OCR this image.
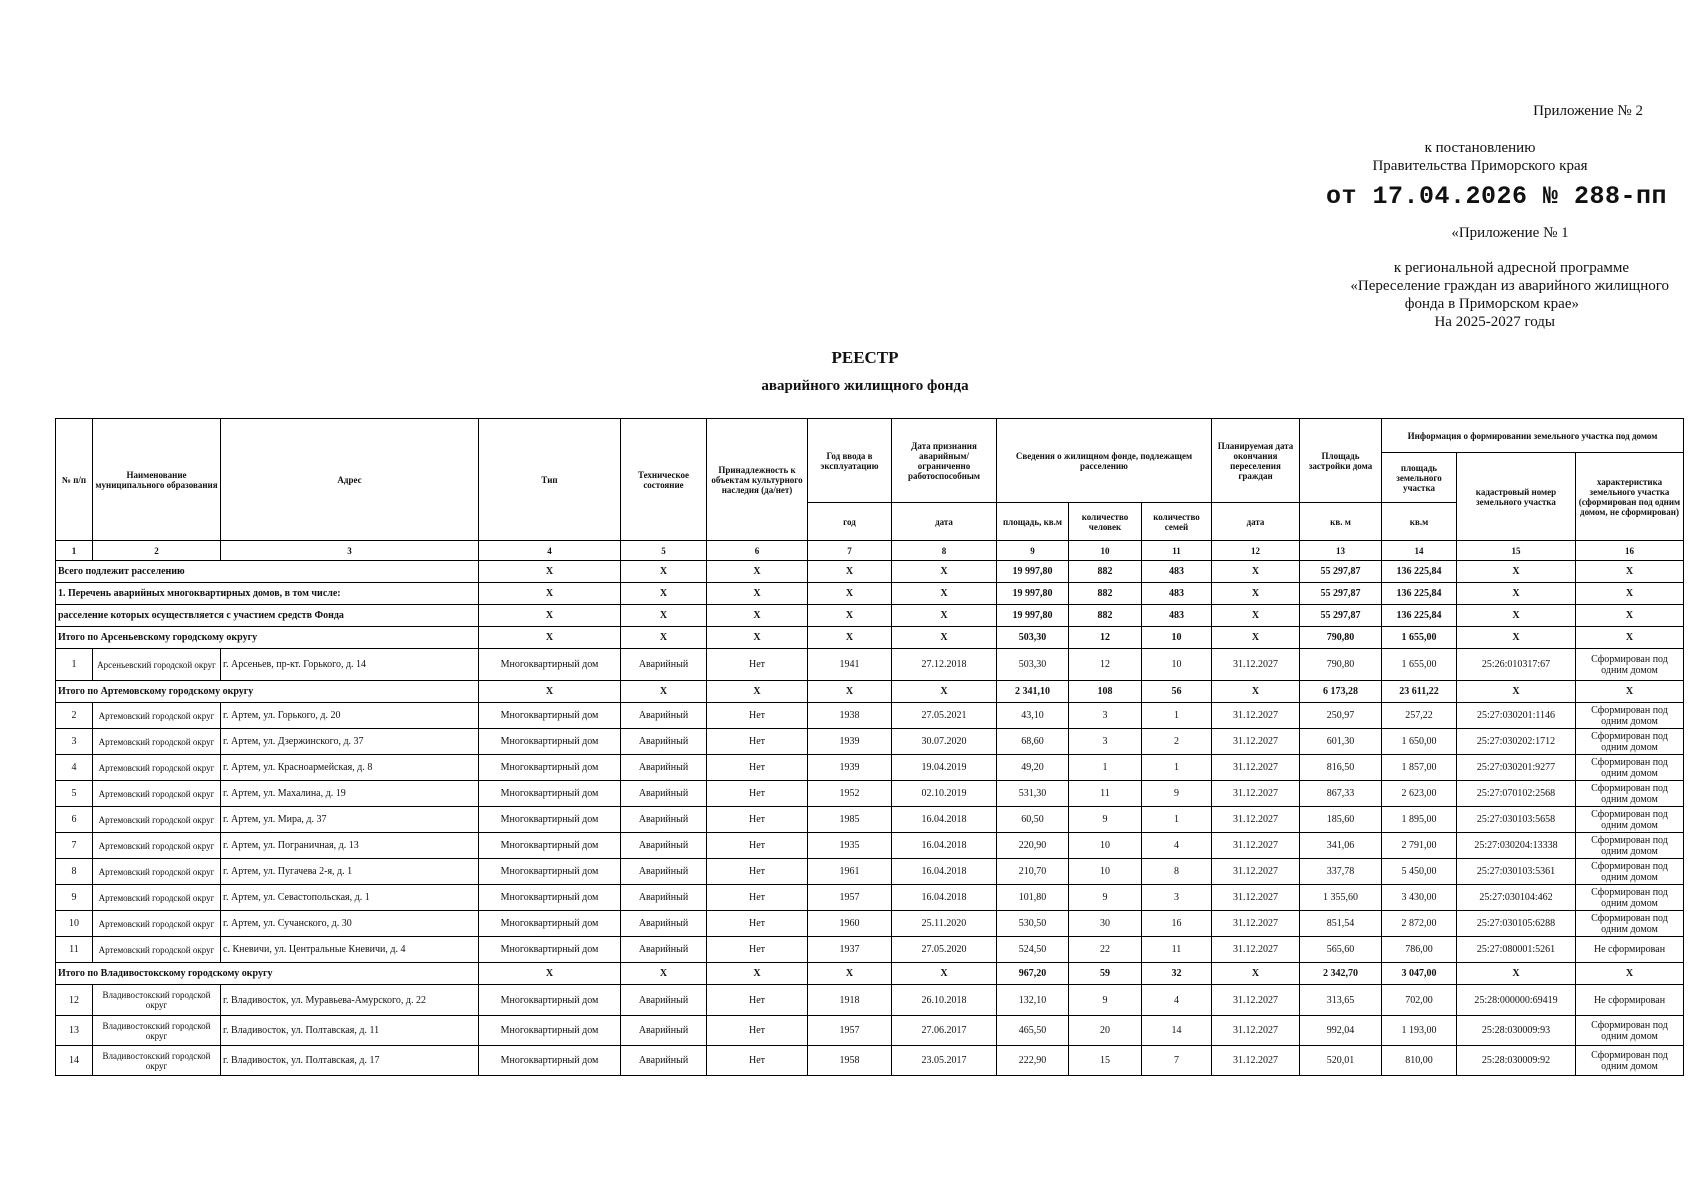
Приложение № 2
к постановлению
Правительства Приморского края
от 17.04.2026 № 288-пп
«Приложение № 1
к региональной адресной программе
«Переселение граждан из аварийного жилищного
фонда в Приморском крае»
На 2025-2027 годы
РЕЕСТР
аварийного жилищного фонда
№ п/п	Наименование муниципального образования	Адрес	Тип	Техническое состояние	Принадлежность к объектам культурного наследия (да/нет)	Год ввода в эксплуатацию	Дата признания аварийным/ ограниченно работоспособным	Сведения о жилищном фонде, подлежащем расселению			Планируемая дата окончания переселения граждан	Площадь застройки дома	Информация о формировании земельного участка под домом		
													площадь земельного участка	кадастровый номер земельного участка	характеристика земельного участка (сформирован под одним домом, не сформирован)
						год	дата	площадь, кв.м	количество человек	количество семей	дата	кв. м	кв.м		
1	2	3	4	5	6	7	8	9	10	11	12	13	14	15	16
Всего подлежит расселению			X	X	X	X	X	19 997,80	882	483	X	55 297,87	136 225,84	X	X
1. Перечень аварийных многоквартирных домов, в том числе:			X	X	X	X	X	19 997,80	882	483	X	55 297,87	136 225,84	X	X
расселение которых осуществляется с участием средств Фонда			X	X	X	X	X	19 997,80	882	483	X	55 297,87	136 225,84	X	X
Итого по Арсеньевскому городскому округу			X	X	X	X	X	503,30	12	10	X	790,80	1 655,00	X	X
1	Арсеньевский городской округ	г. Арсеньев, пр-кт. Горького, д. 14	Многоквартирный дом	Аварийный	Нет	1941	27.12.2018	503,30	12	10	31.12.2027	790,80	1 655,00	25:26:010317:67	Сформирован под одним домом
Итого по Артемовскому городскому округу			X	X	X	X	X	2 341,10	108	56	X	6 173,28	23 611,22	X	X
2	Артемовский городской округ	г. Артем, ул. Горького, д. 20	Многоквартирный дом	Аварийный	Нет	1938	27.05.2021	43,10	3	1	31.12.2027	250,97	257,22	25:27:030201:1146	Сформирован под одним домом
3	Артемовский городской округ	г. Артем, ул. Дзержинского, д. 37	Многоквартирный дом	Аварийный	Нет	1939	30.07.2020	68,60	3	2	31.12.2027	601,30	1 650,00	25:27:030202:1712	Сформирован под одним домом
4	Артемовский городской округ	г. Артем, ул. Красноармейская, д. 8	Многоквартирный дом	Аварийный	Нет	1939	19.04.2019	49,20	1	1	31.12.2027	816,50	1 857,00	25:27:030201:9277	Сформирован под одним домом
5	Артемовский городской округ	г. Артем, ул. Махалина, д. 19	Многоквартирный дом	Аварийный	Нет	1952	02.10.2019	531,30	11	9	31.12.2027	867,33	2 623,00	25:27:070102:2568	Сформирован под одним домом
6	Артемовский городской округ	г. Артем, ул. Мира, д. 37	Многоквартирный дом	Аварийный	Нет	1985	16.04.2018	60,50	9	1	31.12.2027	185,60	1 895,00	25:27:030103:5658	Сформирован под одним домом
7	Артемовский городской округ	г. Артем, ул. Пограничная, д. 13	Многоквартирный дом	Аварийный	Нет	1935	16.04.2018	220,90	10	4	31.12.2027	341,06	2 791,00	25:27:030204:13338	Сформирован под одним домом
8	Артемовский городской округ	г. Артем, ул. Пугачева 2-я, д. 1	Многоквартирный дом	Аварийный	Нет	1961	16.04.2018	210,70	10	8	31.12.2027	337,78	5 450,00	25:27:030103:5361	Сформирован под одним домом
9	Артемовский городской округ	г. Артем, ул. Севастопольская, д. 1	Многоквартирный дом	Аварийный	Нет	1957	16.04.2018	101,80	9	3	31.12.2027	1 355,60	3 430,00	25:27:030104:462	Сформирован под одним домом
10	Артемовский городской округ	г. Артем, ул. Сучанского, д. 30	Многоквартирный дом	Аварийный	Нет	1960	25.11.2020	530,50	30	16	31.12.2027	851,54	2 872,00	25:27:030105:6288	Сформирован под одним домом
11	Артемовский городской округ	с. Кневичи, ул. Центральные Кневичи, д. 4	Многоквартирный дом	Аварийный	Нет	1937	27.05.2020	524,50	22	11	31.12.2027	565,60	786,00	25:27:080001:5261	Не сформирован
Итого по Владивостокскому городскому округу			X	X	X	X	X	967,20	59	32	X	2 342,70	3 047,00	X	X
12	Владивостокский городской округ	г. Владивосток, ул. Муравьева-Амурского, д. 22	Многоквартирный дом	Аварийный	Нет	1918	26.10.2018	132,10	9	4	31.12.2027	313,65	702,00	25:28:000000:69419	Не сформирован
13	Владивостокский городской округ	г. Владивосток, ул. Полтавская, д. 11	Многоквартирный дом	Аварийный	Нет	1957	27.06.2017	465,50	20	14	31.12.2027	992,04	1 193,00	25:28:030009:93	Сформирован под одним домом
14	Владивостокский городской округ	г. Владивосток, ул. Полтавская, д. 17	Многоквартирный дом	Аварийный	Нет	1958	23.05.2017	222,90	15	7	31.12.2027	520,01	810,00	25:28:030009:92	Сформирован под одним домом
